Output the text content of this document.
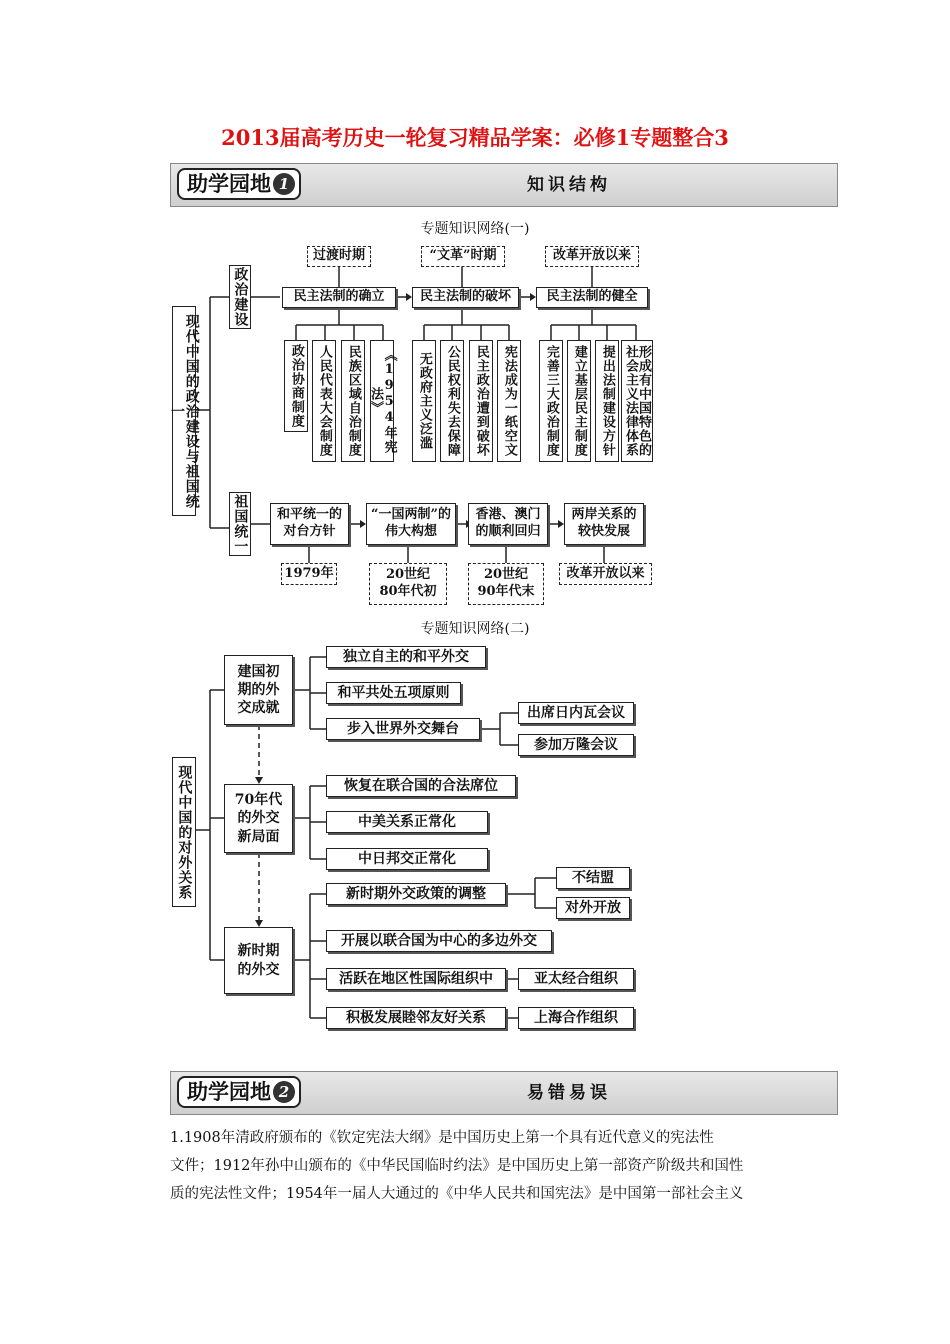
2013届高考历史一轮复习精品学案：必修1专题整合3
助学园地 1	知识结构
专题知识网络(一)
现代中国的政治建设与祖国统一
政治建设
祖国统一
过渡时期	“文革”时期	改革开放以来
民主法制的确立	民主法制的破坏	民主法制的健全
政治协商制度	人民代表大会制度	民族区域自治制度	《1954年宪法》	无政府主义泛滥	公民权利失去保障	民主政治遭到破坏	宪法成为一纸空文	完善三大政治制度	建立基层民主制度	提出法制建设方针	形成有中国特色的社会主义法律体系
和平统一的对台方针
“一国两制”的伟大构想
香港、澳门的顺利回归
两岸关系的较快发展
1979年	20世纪80年代初
20世纪90年代末
改革开放以来
专题知识网络(二)
现代中国的对外关系
建国初期的外交成就
70年代的外交新局面
新时期的外交
独立自主的和平外交
和平共处五项原则
步入世界外交舞台
出席日内瓦会议
参加万隆会议
恢复在联合国的合法席位
中美关系正常化
中日邦交正常化
新时期外交政策的调整
开展以联合国为中心的多边外交
活跃在地区性国际组织中
积极发展睦邻友好关系
不结盟
对外开放
亚太经合组织
上海合作组织
助学园地 2	易错易误
1.1908年清政府颁布的《钦定宪法大纲》是中国历史上第一个具有近代意义的宪法性
文件；1912年孙中山颁布的《中华民国临时约法》是中国历史上第一部资产阶级共和国性
质的宪法性文件；1954年一届人大通过的《中华人民共和国宪法》是中国第一部社会主义
